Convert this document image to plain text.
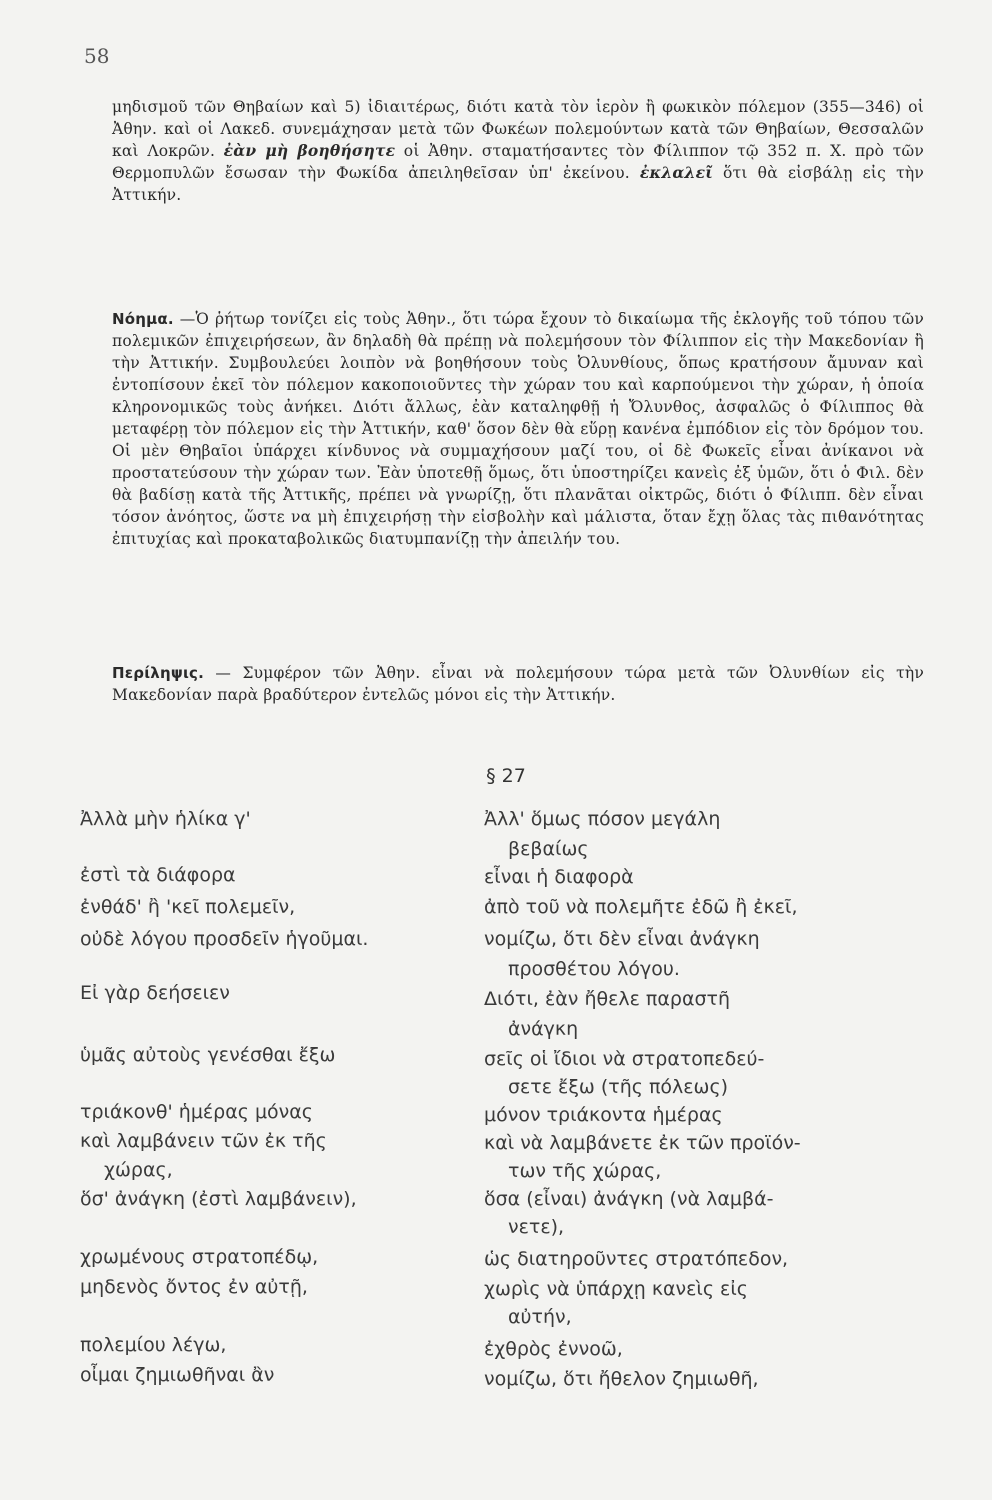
58

μηδισμοῦ τῶν Θηβαίων καὶ 5) ἰδιαιτέρως, διότι κατὰ τὸν ἱερὸν ἢ φωκικὸν πόλεμον (355—346) οἱ Ἀθην. καὶ οἱ Λακεδ. συνεμάχησαν μετὰ τῶν Φωκέων πολεμούντων κατὰ τῶν Θηβαίων, Θεσσαλῶν καὶ Λοκρῶν. ἐὰν μὴ βοηθήσητε οἱ Ἀθην. σταματήσαντες τὸν Φίλιππον τῷ 352 π. Χ. πρὸ τῶν Θερμοπυλῶν ἔσωσαν τὴν Φωκίδα ἀπειληθεῖσαν ὑπ' ἐκείνου. ἐκλαλεῖ ὅτι θὰ εἰσβάλῃ εἰς τὴν Ἀττικήν.

Νόημα. —Ὁ ῥήτωρ τονίζει εἰς τοὺς Ἀθην., ὅτι τώρα ἔχουν τὸ δικαίωμα τῆς ἐκλογῆς τοῦ τόπου τῶν πολεμικῶν ἐπιχειρήσεων, ἂν δηλαδὴ θὰ πρέπῃ νὰ πολεμήσουν τὸν Φίλιππον εἰς τὴν Μακεδονίαν ἢ τὴν Ἀττικήν. Συμβουλεύει λοιπὸν νὰ βοηθήσουν τοὺς Ὀλυνθίους, ὅπως κρατήσουν ἄμυναν καὶ ἐντοπίσουν ἐκεῖ τὸν πόλεμον κακοποιοῦντες τὴν χώραν του καὶ καρπούμενοι τὴν χώραν, ἡ ὁποία κληρονομικῶς τοὺς ἀνήκει. Διότι ἄλλως, ἐὰν καταληφθῇ ἡ Ὄλυνθος, ἀσφαλῶς ὁ Φίλιππος θὰ μεταφέρῃ τὸν πόλεμον εἰς τὴν Ἀττικήν, καθ' ὅσον δὲν θὰ εὕρῃ κανένα ἐμπόδιον εἰς τὸν δρόμον του. Οἱ μὲν Θηβαῖοι ὑπάρχει κίνδυνος νὰ συμμαχήσουν μαζί του, οἱ δὲ Φωκεῖς εἶναι ἀνίκανοι νὰ προστατεύσουν τὴν χώραν των. Ἐὰν ὑποτεθῇ ὅμως, ὅτι ὑποστηρίζει κανεὶς ἐξ ὑμῶν, ὅτι ὁ Φιλ. δὲν θὰ βαδίσῃ κατὰ τῆς Ἀττικῆς, πρέπει νὰ γνωρίζῃ, ὅτι πλανᾶται οἰκτρῶς, διότι ὁ Φίλιππ. δὲν εἶναι τόσον ἀνόητος, ὥστε να μὴ ἐπιχειρήσῃ τὴν εἰσβολὴν καὶ μάλιστα, ὅταν ἔχῃ ὅλας τὰς πιθανότητας ἐπιτυχίας καὶ προκαταβολικῶς διατυμπανίζῃ τὴν ἀπειλήν του.

Περίληψις. — Συμφέρον τῶν Ἀθην. εἶναι νὰ πολεμήσουν τώρα μετὰ τῶν Ὀλυνθίων εἰς τὴν Μακεδονίαν παρὰ βραδύτερον ἐντελῶς μόνοι εἰς τὴν Ἀττικήν.

§ 27
Ἀλλὰ μὴν ἡλίκα γ'
ἐστὶ τὰ διάφορα
ἐνθάδ' ἢ 'κεῖ πολεμεῖν,
οὐδὲ λόγου προσδεῖν ἡγοῦμαι.
Εἰ γὰρ δεήσειεν
ὑμᾶς αὐτοὺς γενέσθαι ἔξω
τριάκονθ' ἡμέρας μόνας
καὶ λαμβάνειν τῶν ἐκ τῆς
χώρας,
ὅσ' ἀνάγκη (ἐστὶ λαμβάνειν),
χρωμένους στρατοπέδῳ,
μηδενὸς ὄντος ἐν αὐτῇ,
πολεμίου λέγω,
οἶμαι ζημιωθῆναι ἂν
Ἀλλ' ὅμως πόσον μεγάλη
βεβαίως
εἶναι ἡ διαφορὰ
ἀπὸ τοῦ νὰ πολεμῆτε ἐδῶ ἢ ἐκεῖ,
νομίζω, ὅτι δὲν εἶναι ἀνάγκη
προσθέτου λόγου.
Διότι, ἐὰν ἤθελε παραστῆ
ἀνάγκη
σεῖς οἱ ἴδιοι νὰ στρατοπεδεύ-
σετε ἔξω (τῆς πόλεως)
μόνον τριάκοντα ἡμέρας
καὶ νὰ λαμβάνετε ἐκ τῶν προϊόν-
των τῆς χώρας,
ὅσα (εἶναι) ἀνάγκη (νὰ λαμβά-
νετε),
ὡς διατηροῦντες στρατόπεδον,
χωρὶς νὰ ὑπάρχῃ κανεὶς εἰς
αὐτήν,
ἐχθρὸς ἐννοῶ,
νομίζω, ὅτι ἤθελον ζημιωθῆ,
